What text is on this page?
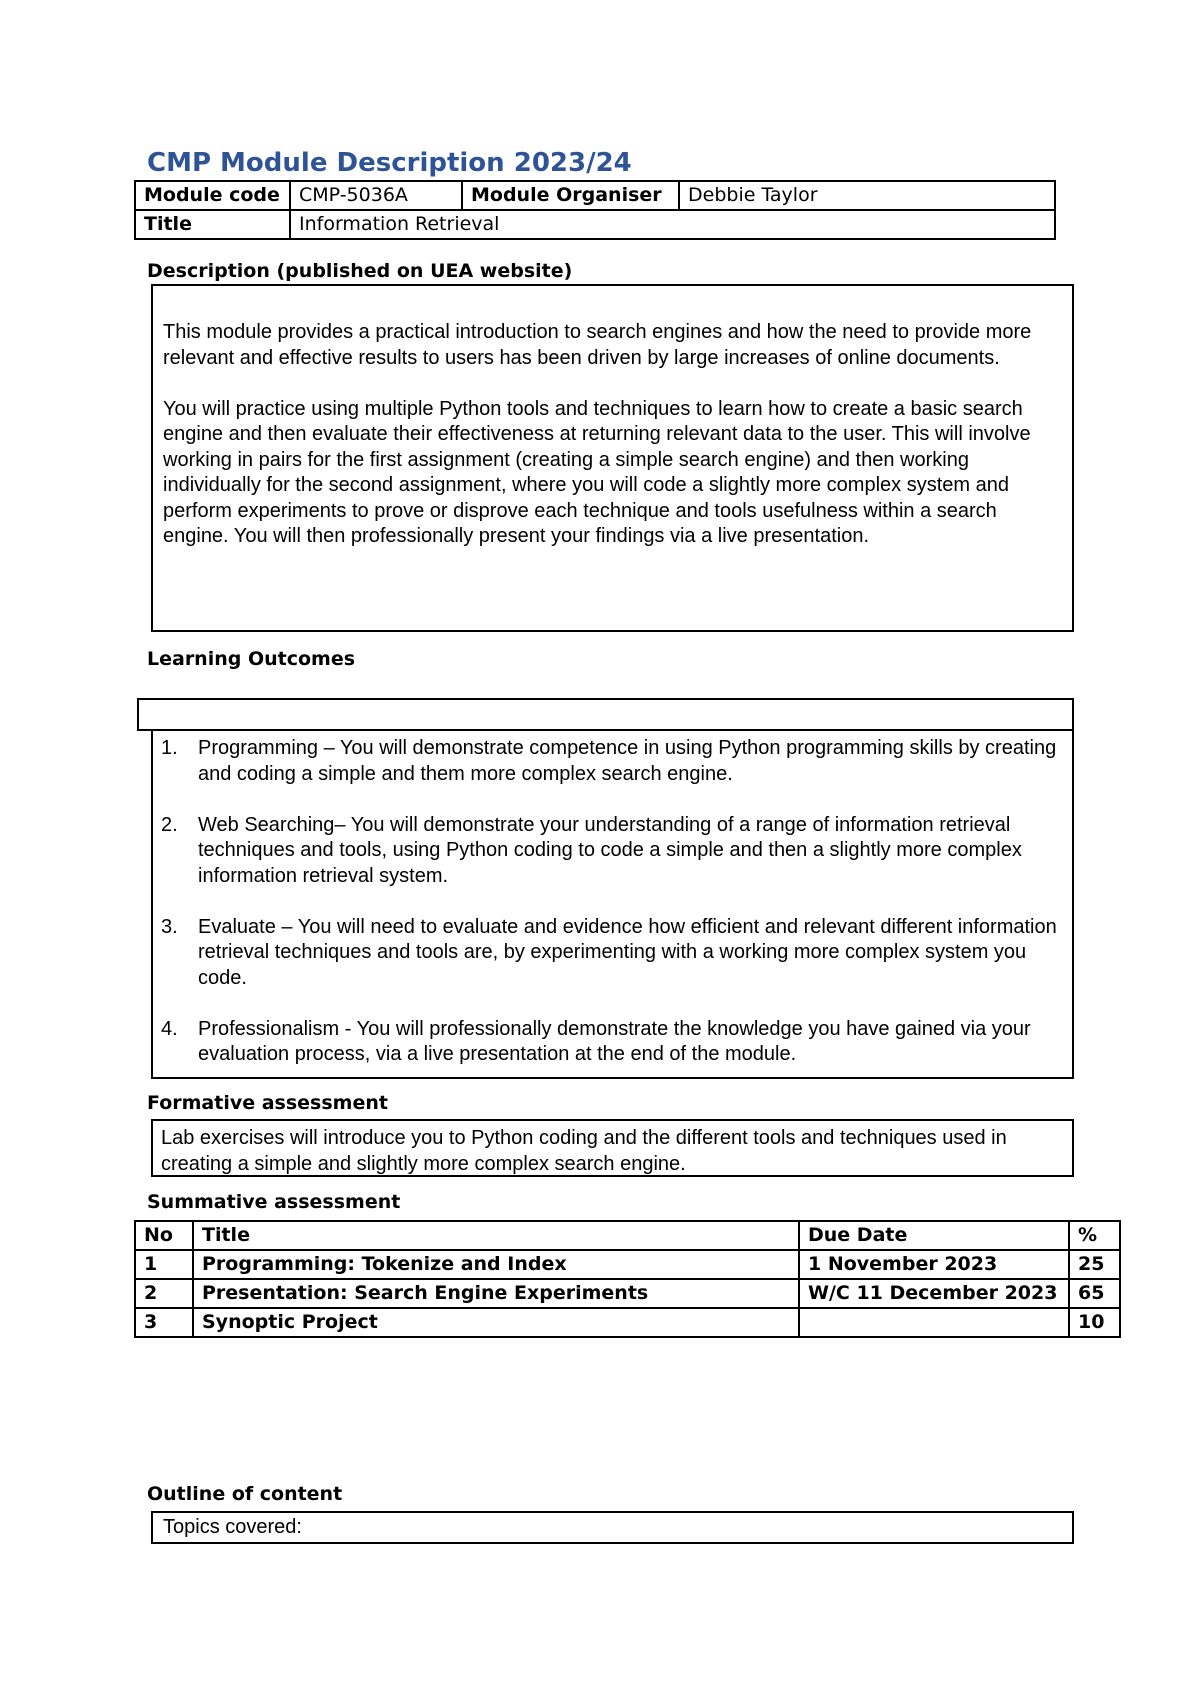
CMP Module Description 2023/24
Module code	CMP-5036A	Module Organiser	Debbie Taylor
Title	Information Retrieval		
Description (published on UEA website)

This module provides a practical introduction to search engines and how the need to provide more relevant and effective results to users has been driven by large increases of online documents.

You will practice using multiple Python tools and techniques to learn how to create a basic search engine and then evaluate their effectiveness at returning relevant data to the user. This will involve working in pairs for the first assignment (creating a simple search engine) and then working individually for the second assignment, where you will code a slightly more complex system and perform experiments to prove or disprove each technique and tools usefulness within a search engine. You will then professionally present your findings via a live presentation.

Learning Outcomes
1.	Programming – You will demonstrate competence in using Python programming skills by creating and coding a simple and them more complex search engine.
2.	Web Searching– You will demonstrate your understanding of a range of information retrieval techniques and tools, using Python coding to code a simple and then a slightly more complex information retrieval system.
3.	Evaluate – You will need to evaluate and evidence how efficient and relevant different information retrieval techniques and tools are, by experimenting with a working more complex system you code.
4.	Professionalism - You will professionally demonstrate the knowledge you have gained via your evaluation process, via a live presentation at the end of the module.
Formative assessment
Lab exercises will introduce you to Python coding and the different tools and techniques used in creating a simple and slightly more complex search engine.
Summative assessment
No	Title	Due Date	%
1	Programming: Tokenize and Index	1 November 2023	25
2	Presentation: Search Engine Experiments	W/C 11 December 2023	65
3	Synoptic Project		10
Outline of content
Topics covered:
